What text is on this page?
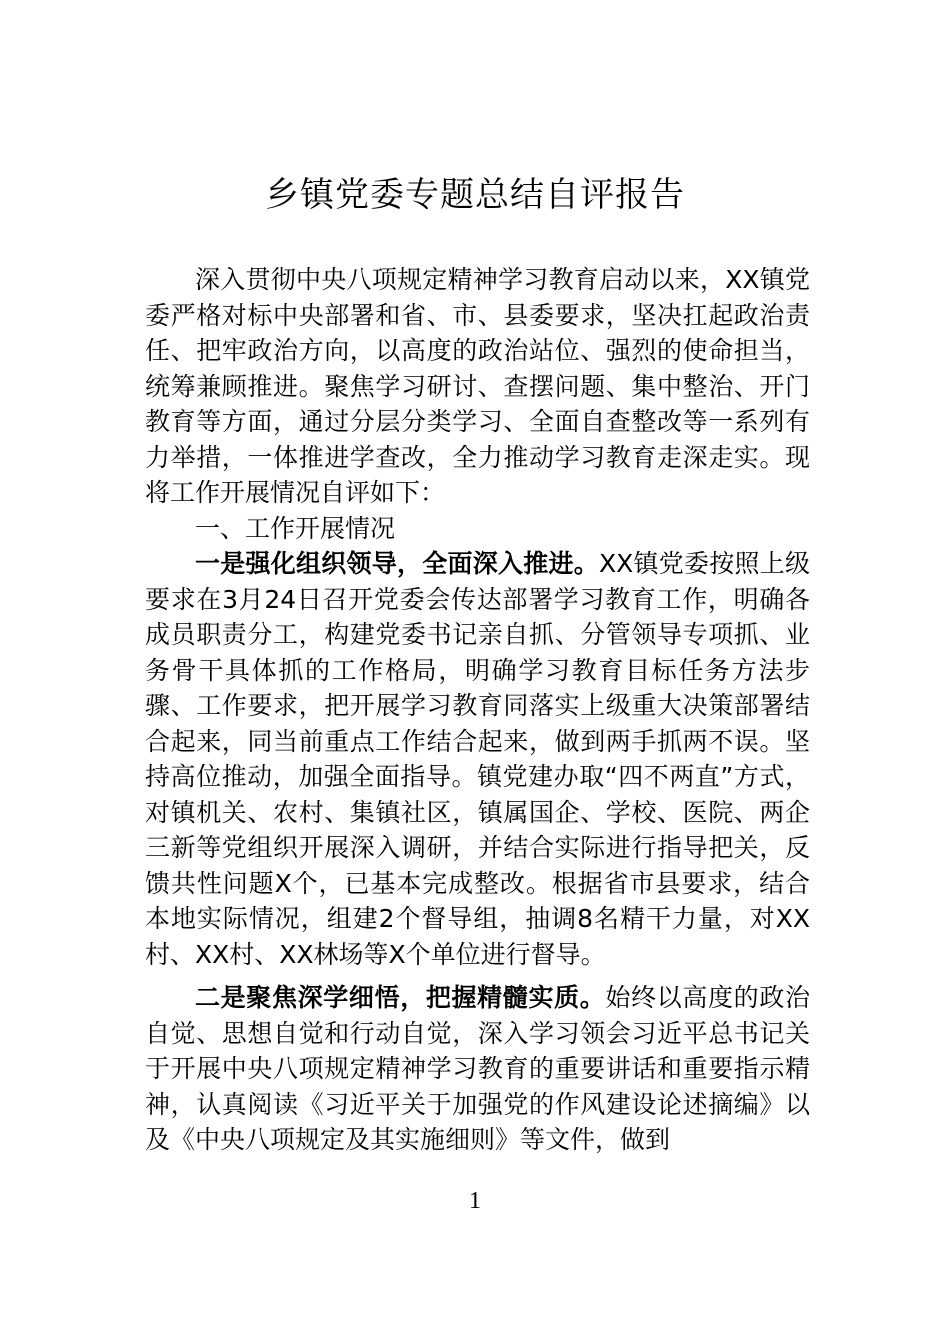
乡镇党委专题总结自评报告

深入贯彻中央八项规定精神学习教育启动以来，XX镇党委严格对标中央部署和省、市、县委要求，坚决扛起政治责任、把牢政治方向，以高度的政治站位、强烈的使命担当，统筹兼顾推进。聚焦学习研讨、查摆问题、集中整治、开门教育等方面，通过分层分类学习、全面自查整改等一系列有力举措，一体推进学查改，全力推动学习教育走深走实。现将工作开展情况自评如下：

一、工作开展情况

一是强化组织领导，全面深入推进。XX镇党委按照上级要求在3月24日召开党委会传达部署学习教育工作，明确各成员职责分工，构建党委书记亲自抓、分管领导专项抓、业务骨干具体抓的工作格局，明确学习教育目标任务方法步骤、工作要求，把开展学习教育同落实上级重大决策部署结合起来，同当前重点工作结合起来，做到两手抓两不误。坚持高位推动，加强全面指导。镇党建办取“四不两直”方式，对镇机关、农村、集镇社区，镇属国企、学校、医院、两企三新等党组织开展深入调研，并结合实际进行指导把关，反馈共性问题X个，已基本完成整改。根据省市县要求，结合本地实际情况，组建2个督导组，抽调8名精干力量，对XX村、XX村、XX林场等X个单位进行督导。

二是聚焦深学细悟，把握精髓实质。始终以高度的政治自觉、思想自觉和行动自觉，深入学习领会习近平总书记关于开展中央八项规定精神学习教育的重要讲话和重要指示精神，认真阅读《习近平关于加强党的作风建设论述摘编》以及《中央八项规定及其实施细则》等文件，做到

1
